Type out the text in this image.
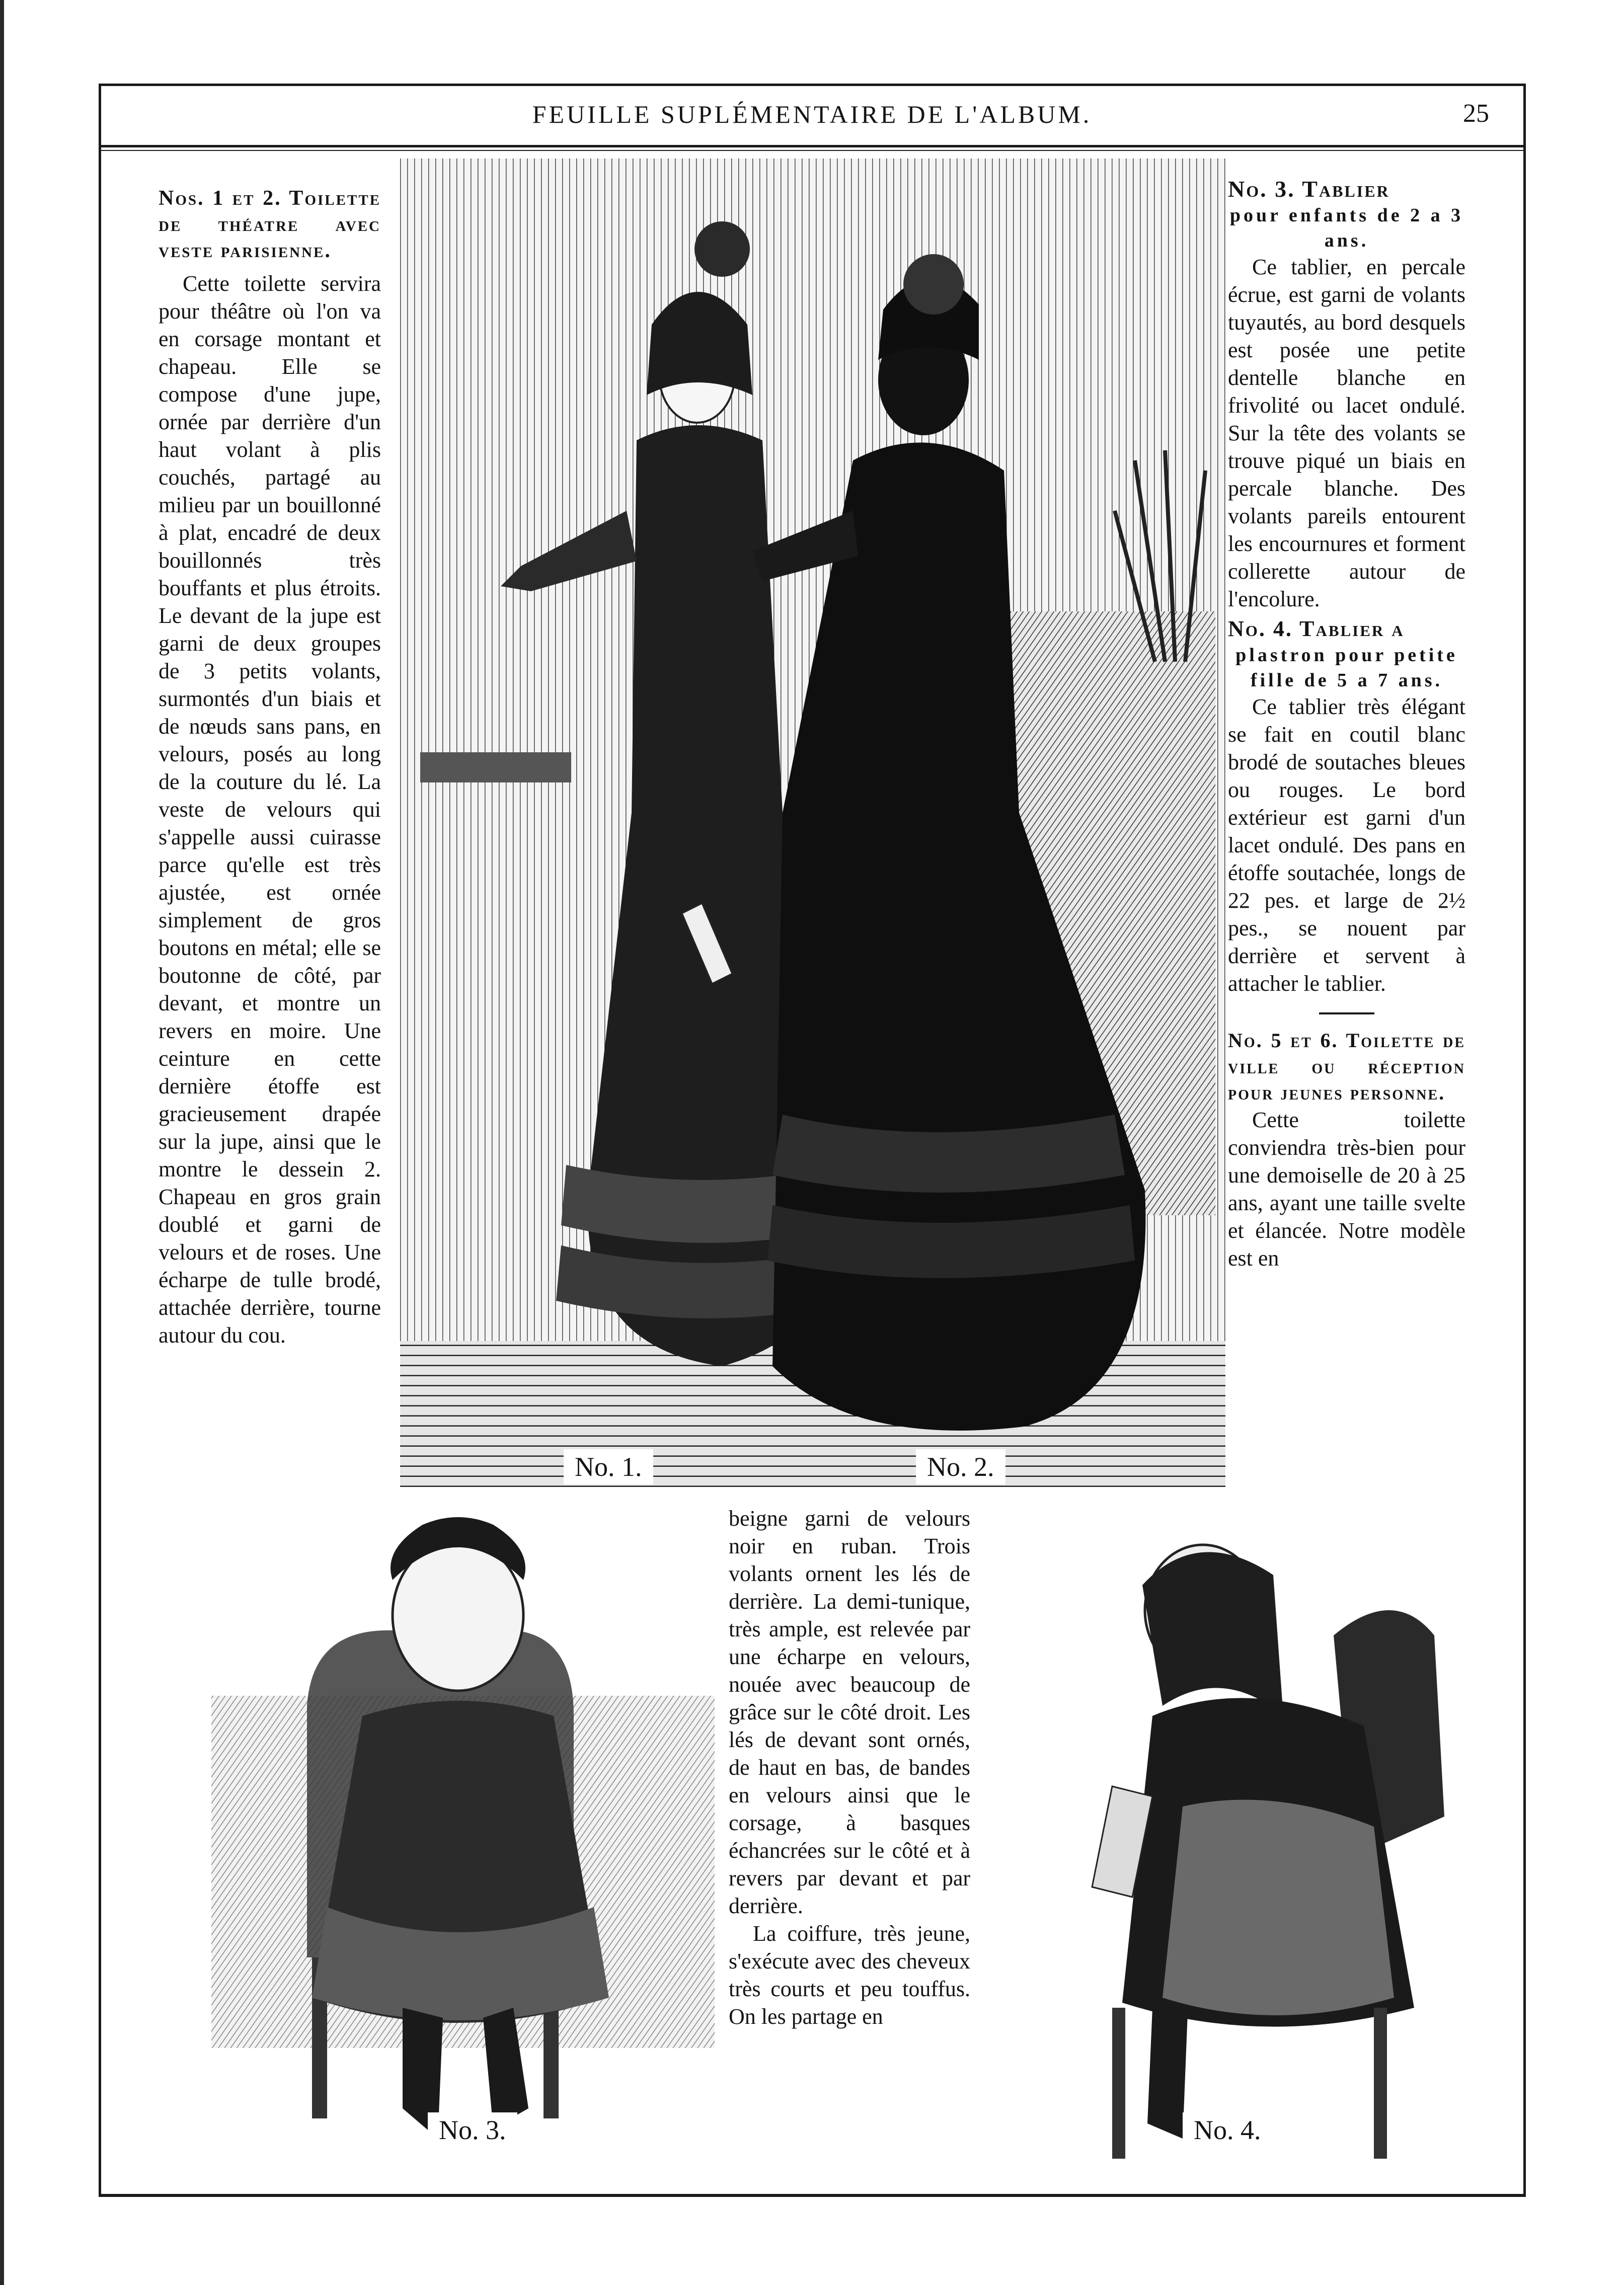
FEUILLE SUPLÉMENTAIRE DE L'ALBUM.	25

Nos. 1 et 2. Toilette de théatre avec veste parisienne.

Cette toilette servira pour théâtre où l'on va en corsage montant et chapeau. Elle se compose d'une jupe, ornée par derrière d'un haut volant à plis couchés, partagé au milieu par un bouillonné à plat, encadré de deux bouillonnés très bouffants et plus étroits. Le devant de la jupe est garni de deux groupes de 3 petits volants, surmontés d'un biais et de nœuds sans pans, en velours, posés au long de la couture du lé. La veste de velours qui s'appelle aussi cuirasse parce qu'elle est très ajustée, est ornée simplement de gros boutons en métal; elle se boutonne de côté, par devant, et montre un revers en moire. Une ceinture en cette dernière étoffe est gracieusement drapée sur la jupe, ainsi que le montre le dessein 2. Chapeau en gros grain doublé et garni de velours et de roses. Une écharpe de tulle brodé, attachée derrière, tourne autour du cou.

No. 3. Tablier

pour enfants de 2 a 3 ans.

Ce tablier, en percale écrue, est garni de volants tuyautés, au bord desquels est posée une petite dentelle blanche en frivolité ou lacet ondulé. Sur la tête des volants se trouve piqué un biais en percale blanche. Des volants pareils entourent les encournures et forment collerette autour de l'encolure.

No. 4. Tablier a

plastron pour petite fille de 5 a 7 ans.

Ce tablier très élégant se fait en coutil blanc brodé de soutaches bleues ou rouges. Le bord extérieur est garni d'un lacet ondulé. Des pans en étoffe soutachée, longs de 22 pes. et large de 2½ pes., se nouent par derrière et servent à attacher le tablier.

No. 5 et 6. Toilette de ville ou réception pour jeunes personne.

Cette toilette conviendra très-bien pour une demoiselle de 20 à 25 ans, ayant une taille svelte et élancée. Notre modèle est en

beigne garni de velours noir en ruban. Trois volants ornent les lés de derrière. La demi-tunique, très ample, est relevée par une écharpe en velours, nouée avec beaucoup de grâce sur le côté droit. Les lés de devant sont ornés, de haut en bas, de bandes en velours ainsi que le corsage, à basques échancrées sur le côté et à revers par devant et par derrière.

La coiffure, très jeune, s'exécute avec des cheveux très courts et peu touffus. On les partage en

No. 1.	No. 2.
No. 3.	No. 4.
